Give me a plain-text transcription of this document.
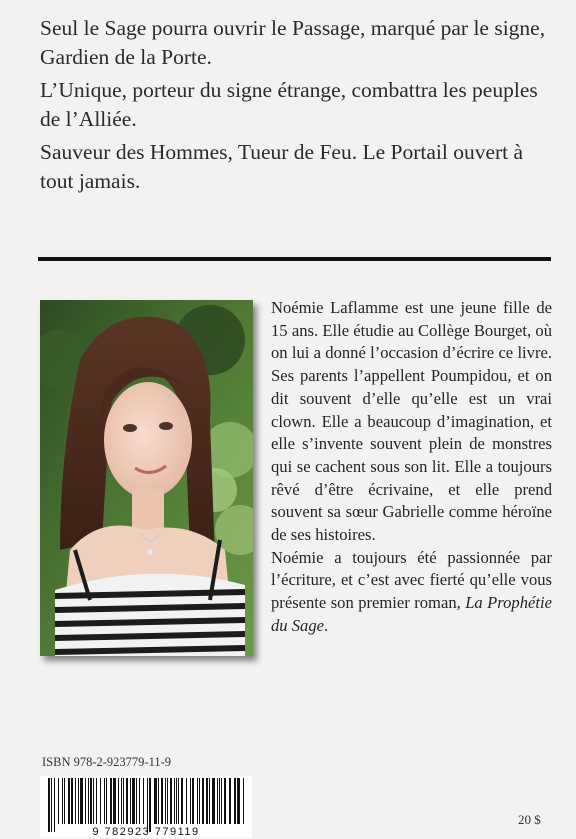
Seul le Sage pourra ouvrir le Passage, marqué par le signe, Gardien de la Porte.

L’Unique, porteur du signe étrange, combattra les peuples de l’Alliée.

Sauveur des Hommes, Tueur de Feu. Le Portail ouvert à tout jamais.

Noémie Laflamme est une jeune fille de 15 ans. Elle étudie au Collège Bourget, où on lui a donné l’occasion d’écrire ce livre. Ses parents l’appellent Poumpidou, et on dit souvent d’elle qu’elle est un vrai clown. Elle a beaucoup d’imagination, et elle s’invente souvent plein de monstres qui se cachent sous son lit. Elle a toujours rêvé d’être écrivaine, et elle prend souvent sa sœur Gabrielle comme héroïne de ses histoires.

Noémie a toujours été passionnée par l’écriture, et c’est avec fierté qu’elle vous présente son premier roman, La Prophétie du Sage.

ISBN 978-2-923779-11-9
9 782923 779119
20 $
